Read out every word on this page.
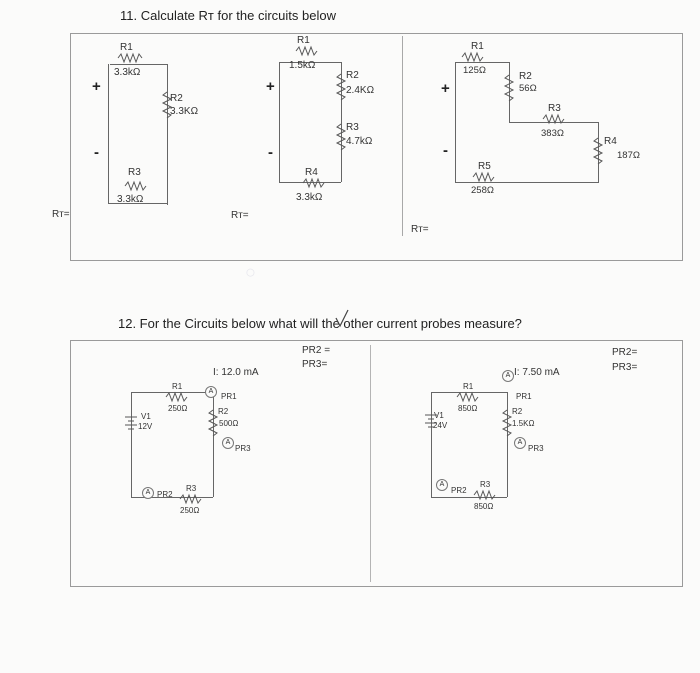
11. Calculate Rᴛ for the circuits below
+
-
R1
3.3kΩ
R2
3.3KΩ
R3
3.3kΩ
Rᴛ=
+
-
R1
1.5kΩ
R2
2.4KΩ
R3
4.7kΩ
R4
3.3kΩ
Rᴛ=
+
-
R1
125Ω
R2
56Ω
R3
383Ω
R4
187Ω
R5
258Ω
Rᴛ=
○
12. For the Circuits below what will the other current probes measure?
I: 12.0 mA
PR2 =
PR3=
V1
12V
R1
250Ω
PR1
R2
500Ω
PR3
PR2
R3
250Ω
I: 7.50 mA
PR2=
PR3=
V1
24V
R1
850Ω
PR1
R2
1.5KΩ
PR3
PR2
R3
850Ω
A
A
A
A
A
A
